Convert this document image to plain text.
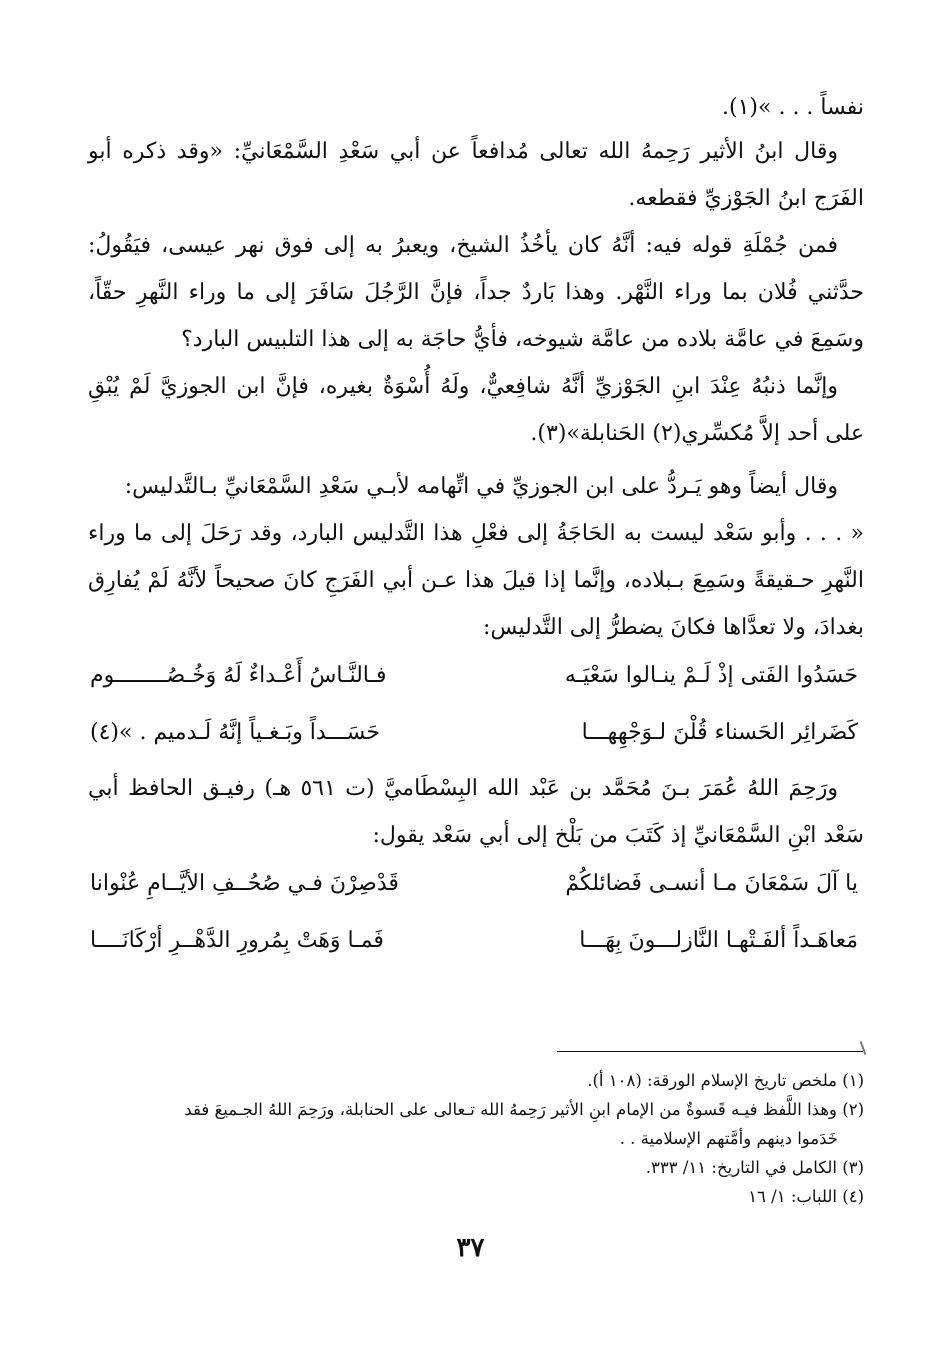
نفساً . . . »(١).

وقال ابنُ الأثير رَحِمهُ الله تعالى مُدافعاً عن أبي سَعْدِ السَّمْعَانيِّ: «وقد ذكره أبو الفَرَج ابنُ الجَوْزيِّ فقطعه.

فمن جُمْلَةِ قوله فيه: أنَّهُ كان يأخُذُ الشيخ، ويعبرُ به إلى فوق نهر عيسى، فيَقُولُ: حدَّثني فُلان بما وراء النَّهْر. وهذا بَاردٌ جداً، فإنَّ الرَّجُلَ سَافَرَ إلى ما وراء النَّهرِ حقّاً، وسَمِعَ في عامَّة بلاده من عامَّة شيوخه، فأيُّ حاجَة به إلى هذا التلبيس البارد؟

وإنَّما ذنبُهُ عِنْدَ ابنِ الجَوْزيِّ أنَّهُ شافِعيٌّ، ولَهُ أُسْوَةٌ بغيره، فإنَّ ابن الجوزيَّ لَمْ يُبْقِ على أحد إلاَّ مُكسِّري(٢) الحَنابلة»(٣).

وقال أيضاً وهو يَـردُّ على ابن الجوزيِّ في اتِّهامه لأبـي سَعْدِ السَّمْعَانيِّ بـالتَّدليس:

« . . . وأبو سَعْد ليست به الحَاجَةُ إلى فعْلِ هذا التَّدليس البارد، وقد رَحَلَ إلى ما وراء النَّهرِ حـقيقةً وسَمِعَ بـبلاده، وإنَّما إذا قيلَ هذا عـن أبي الفَرَجِ كانَ صحيحاً لأنَّهُ لَمْ يُفارِق بغدادَ، ولا تعدَّاها فكانَ يضطرُّ إلى التَّدليس:

حَسَدُوا الفَتى إذْ لَـمْ ينـالوا سَعْيَـه
فـالنَّـاسُ أَعْـداءٌ لَهُ وَخُـصُــــــــوم
كَضَرائِر الحَسناء قُلْنَ لـوَجْهِهـــا
حَسَـــداً وبَـغـياً إنَّهُ لَـدميم . »(٤)

ورَحِمَ اللهُ عُمَرَ بـنَ مُحَمَّد بن عَبْد الله البِسْطَاميَّ (ت ٥٦١ هـ) رفيـق الحافظ أبي سَعْد ابْنِ السَّمْعَانيِّ إذ كَتَبَ من بَلْخ إلى أبي سَعْد يقول:

يا آلَ سَمْعَانَ مـا أنسـى فَضائلكُمْ
قَدْصِرْنَ فـي صُحُــفِ الأيَّــامِ عُنْوانا
مَعاهَـداً ألفَـتْهـا النَّازلـــونَ بِهَـــا
فَمـا وَهَتْ بِمُرورِ الدَّهْــرِ أرْكَانَــــا

(١) ملخص تاريخ الإسلام الورقة: (١٠٨ أ).

(٢) وهذا اللَّفظ فيـه قَسوةٌ من الإمام ابنِ الأثير رَحِمهُ الله تـعالى على الحنابلة، ورَحِمَ اللهُ الجـميعَ فقد

خَدَموا دينهم وأمَّتهم الإسلامية . .

(٣) الكامل في التاريخ: ١١/ ٣٣٣.

(٤) اللباب: ١/ ١٦

٣٧
